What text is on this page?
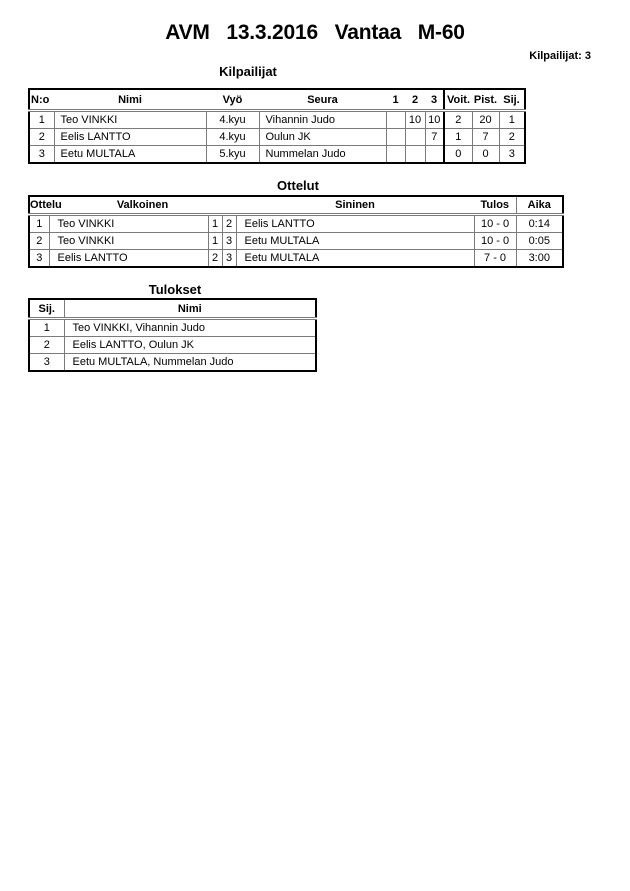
AVM 13.3.2016 Vantaa M-60
Kilpailijat: 3
Kilpailijat
N:o	Nimi	Vyö	Seura	1	2	3	Voit.	Pist.	Sij.
1	Teo VINKKI	4.kyu	Vihannin Judo		10	10	2	20	1
2	Eelis LANTTO	4.kyu	Oulun JK			7	1	7	2
3	Eetu MULTALA	5.kyu	Nummelan Judo				0	0	3
Ottelut
Ottelu	Valkoinen			Sininen	Tulos	Aika
1	Teo VINKKI	1	2	Eelis LANTTO	10 - 0	0:14
2	Teo VINKKI	1	3	Eetu MULTALA	10 - 0	0:05
3	Eelis LANTTO	2	3	Eetu MULTALA	7 - 0	3:00
Tulokset
Sij.	Nimi
1	Teo VINKKI, Vihannin Judo
2	Eelis LANTTO, Oulun JK
3	Eetu MULTALA, Nummelan Judo
